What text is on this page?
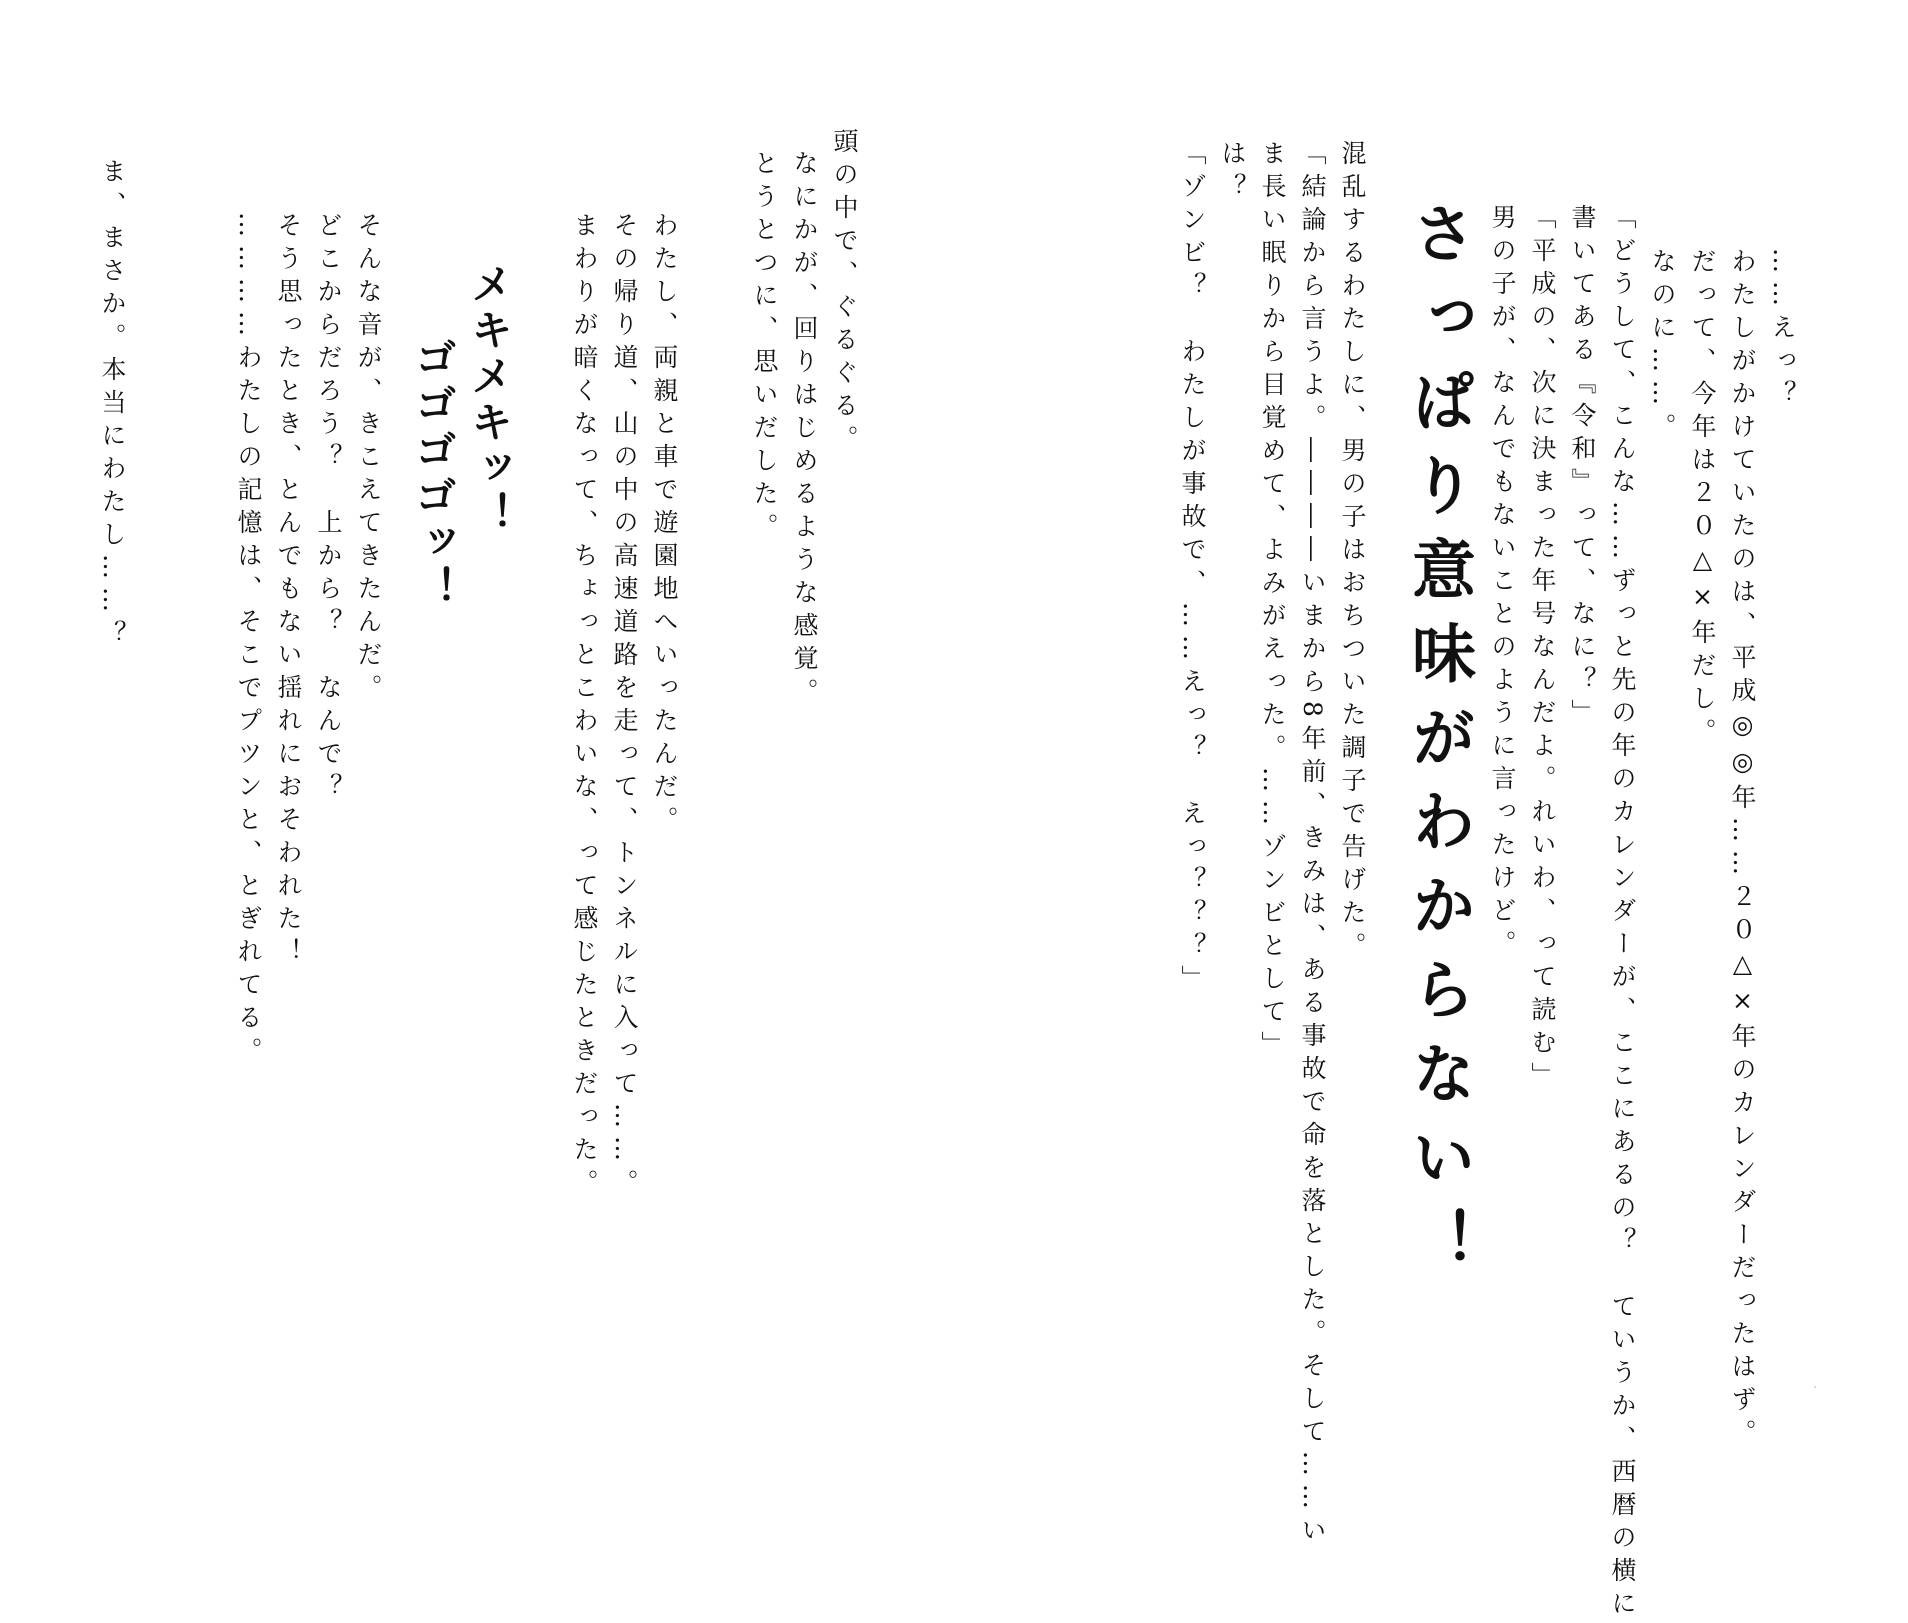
……えっ？
わたしがかけていたのは、平成◎◎年……２０△×年のカレンダーだったはず。
だって、今年は２０△×年だし。
なのに……。
「どうして、こんな……ずっと先の年のカレンダーが、ここにあるの？　ていうか、西暦の横に
書いてある『令和』って、なに？」
「平成の、次に決まった年号なんだよ。れいわ、って読む」
男の子が、なんでもないことのように言ったけど。
さっぱり意味がわからない！
混乱するわたしに、男の子はおちついた調子で告げた。
「結論から言うよ。――――いまから8年前、きみは、ある事故で命を落とした。そして……い
ま長い眠りから目覚めて、よみがえった。……ゾンビとして」
は？
「ゾンビ？　わたしが事故で、……えっ？　えっ？？？」
'
頭の中で、ぐるぐる。
なにかが、回りはじめるような感覚。
とうとつに、思いだした。
わたし、両親と車で遊園地へいったんだ。
その帰り道、山の中の高速道路を走って、トンネルに入って……。
まわりが暗くなって、ちょっとこわいな、って感じたときだった。
メキメキッ！
ゴゴゴゴッ！
そんな音が、きこえてきたんだ。
どこからだろう？　上から？　なんで？
そう思ったとき、とんでもない揺れにおそわれた！
…………わたしの記憶は、そこでプツンと、とぎれてる。
ま、まさか。本当にわたし……？
